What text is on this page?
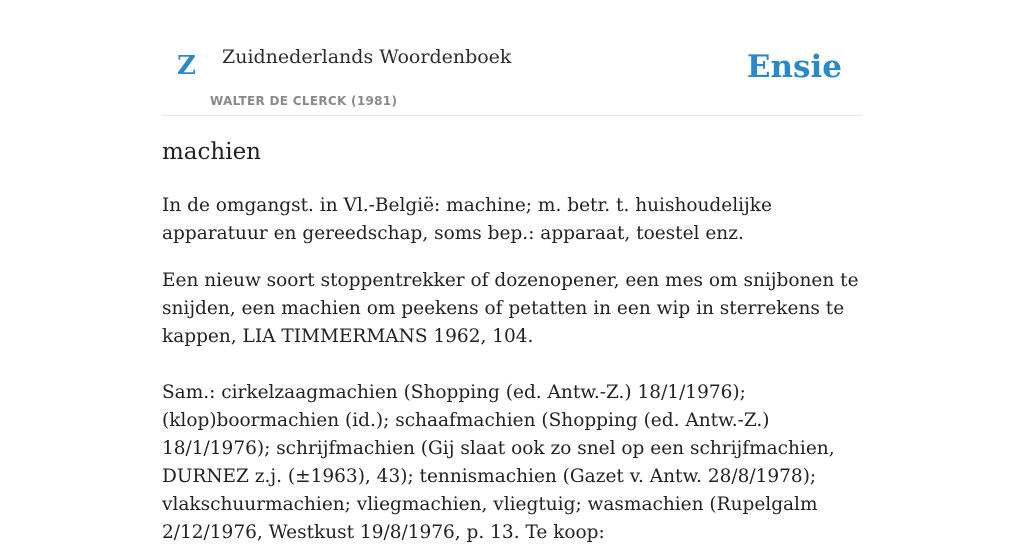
Z Zuidnederlands Woordenboek
WALTER DE CLERCK (1981)
Ensie
machien

In de omgangst. in Vl.-België: machine; m. betr. t. huishoudelijke apparatuur en gereedschap, soms bep.: apparaat, toestel enz.

Een nieuw soort stoppentrekker of dozenopener, een mes om snijbonen te snijden, een machien om peekens of petatten in een wip in sterrekens te kappen, LIA TIMMERMANS 1962, 104.

Sam.: cirkelzaagmachien (Shopping (ed. Antw.-Z.) 18/1/1976); (klop)boormachien (id.); schaafmachien (Shopping (ed. Antw.-Z.) 18/1/1976); schrijfmachien (Gij slaat ook zo snel op een schrijfmachien, DURNEZ z.j. (±1963), 43); tennismachien (Gazet v. Antw. 28/8/1978); vlakschuurmachien; vliegmachien, vliegtuig; wasmachien (Rupelgalm 2/12/1976, Westkust 19/8/1976, p. 13. Te koop:
